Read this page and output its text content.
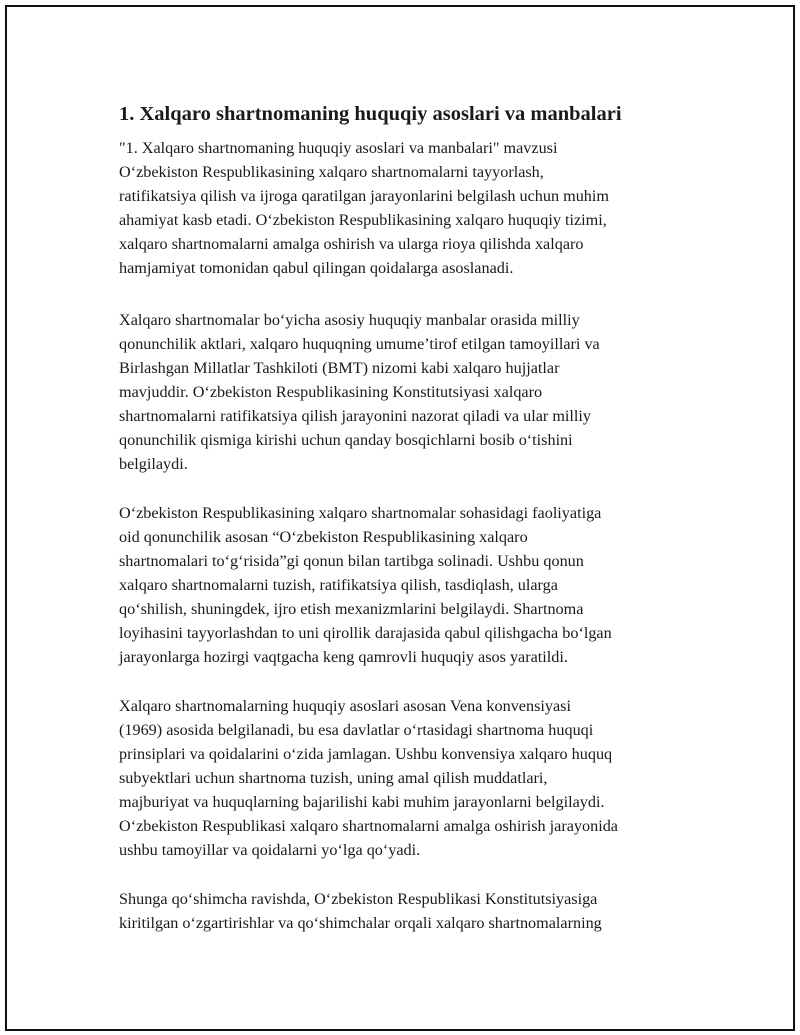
1. Xalqaro shartnomaning huquqiy asoslari va manbalari

"1. Xalqaro shartnomaning huquqiy asoslari va manbalari" mavzusi
O‘zbekiston Respublikasining xalqaro shartnomalarni tayyorlash,
ratifikatsiya qilish va ijroga qaratilgan jarayonlarini belgilash uchun muhim
ahamiyat kasb etadi. O‘zbekiston Respublikasining xalqaro huquqiy tizimi,
xalqaro shartnomalarni amalga oshirish va ularga rioya qilishda xalqaro
hamjamiyat tomonidan qabul qilingan qoidalarga asoslanadi.

Xalqaro shartnomalar bo‘yicha asosiy huquqiy manbalar orasida milliy
qonunchilik aktlari, xalqaro huquqning umume’tirof etilgan tamoyillari va
Birlashgan Millatlar Tashkiloti (BMT) nizomi kabi xalqaro hujjatlar
mavjuddir. O‘zbekiston Respublikasining Konstitutsiyasi xalqaro
shartnomalarni ratifikatsiya qilish jarayonini nazorat qiladi va ular milliy
qonunchilik qismiga kirishi uchun qanday bosqichlarni bosib o‘tishini
belgilaydi.

O‘zbekiston Respublikasining xalqaro shartnomalar sohasidagi faoliyatiga
oid qonunchilik asosan “O‘zbekiston Respublikasining xalqaro
shartnomalari to‘g‘risida”gi qonun bilan tartibga solinadi. Ushbu qonun
xalqaro shartnomalarni tuzish, ratifikatsiya qilish, tasdiqlash, ularga
qo‘shilish, shuningdek, ijro etish mexanizmlarini belgilaydi. Shartnoma
loyihasini tayyorlashdan to uni qirollik darajasida qabul qilishgacha bo‘lgan
jarayonlarga hozirgi vaqtgacha keng qamrovli huquqiy asos yaratildi.

Xalqaro shartnomalarning huquqiy asoslari asosan Vena konvensiyasi
(1969) asosida belgilanadi, bu esa davlatlar o‘rtasidagi shartnoma huquqi
prinsiplari va qoidalarini o‘zida jamlagan. Ushbu konvensiya xalqaro huquq
subyektlari uchun shartnoma tuzish, uning amal qilish muddatlari,
majburiyat va huquqlarning bajarilishi kabi muhim jarayonlarni belgilaydi.
O‘zbekiston Respublikasi xalqaro shartnomalarni amalga oshirish jarayonida
ushbu tamoyillar va qoidalarni yo‘lga qo‘yadi.

Shunga qo‘shimcha ravishda, O‘zbekiston Respublikasi Konstitutsiyasiga
kiritilgan o‘zgartirishlar va qo‘shimchalar orqali xalqaro shartnomalarning
